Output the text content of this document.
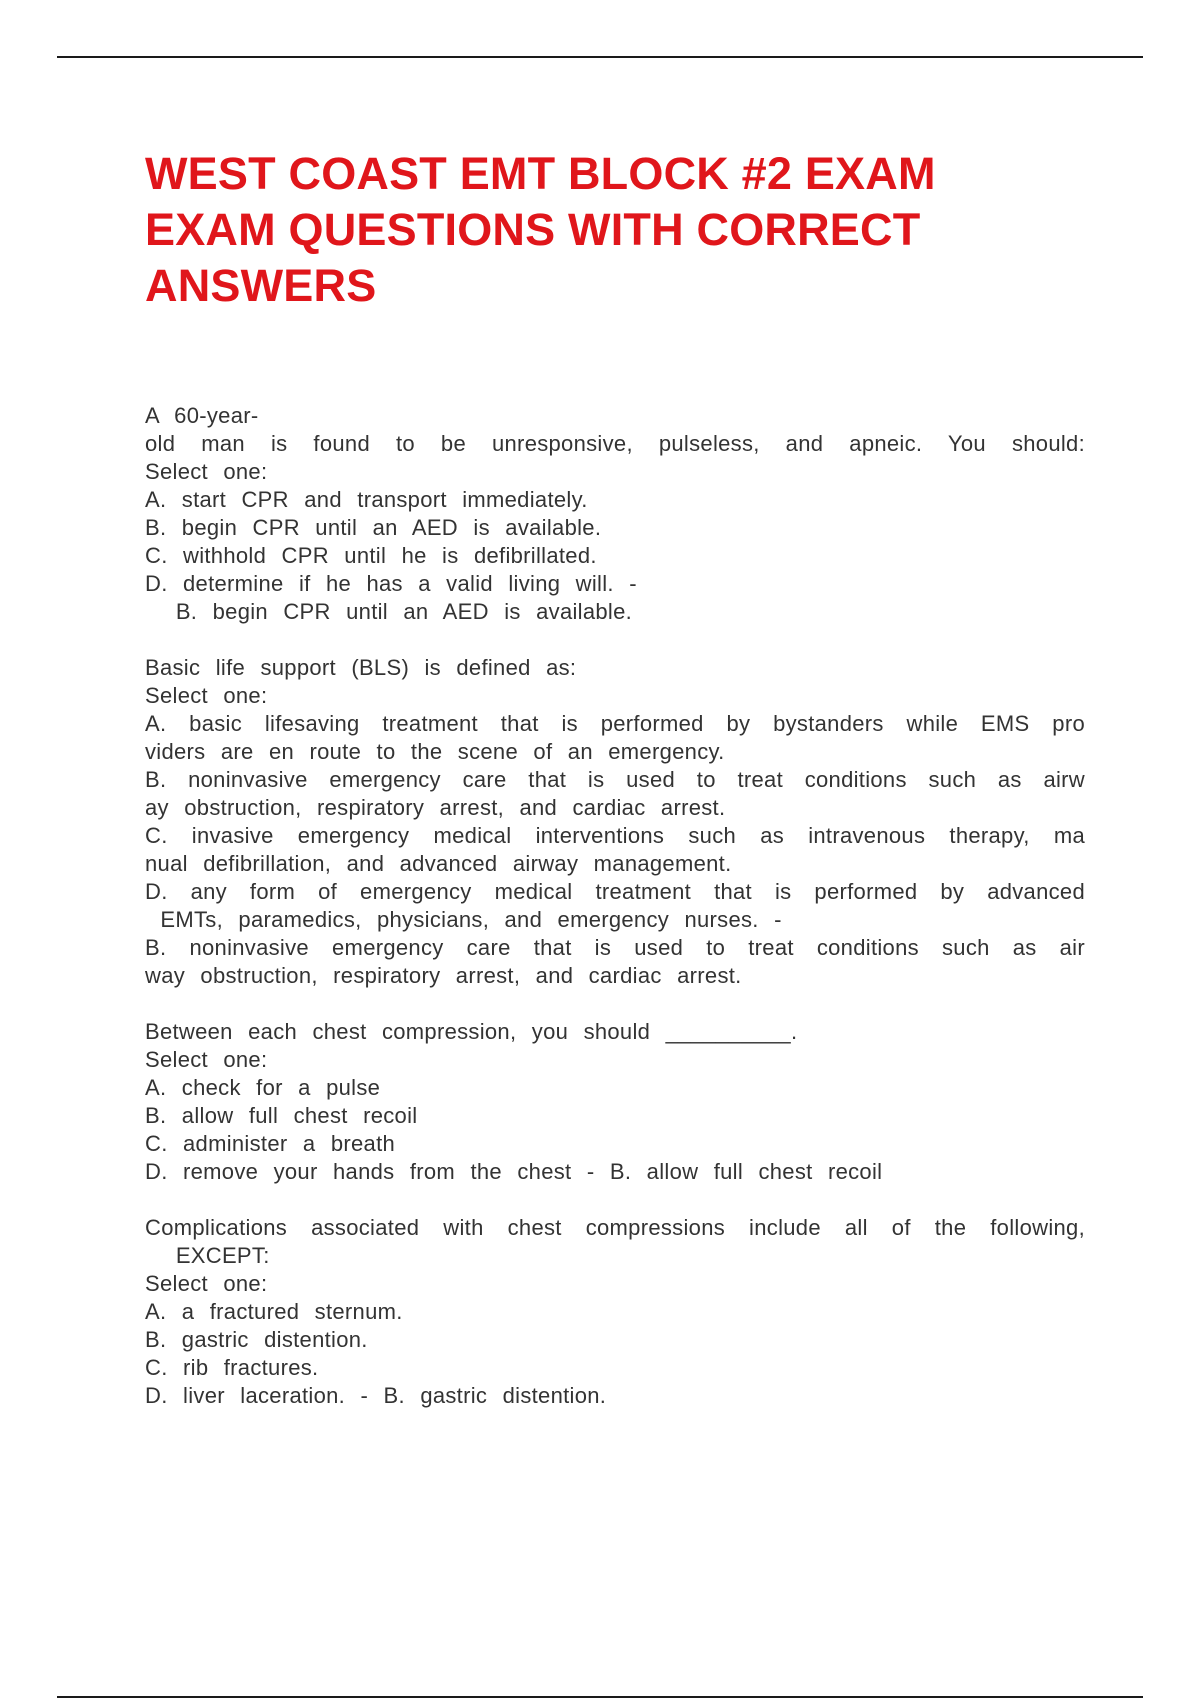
WEST COAST EMT BLOCK #2 EXAM
EXAM QUESTIONS WITH CORRECT
ANSWERS
A 60-year-
old man is found to be unresponsive, pulseless, and apneic. You should:
Select one:
A. start CPR and transport immediately.
B. begin CPR until an AED is available.
C. withhold CPR until he is defibrillated.
D. determine if he has a valid living will. -
B. begin CPR until an AED is available.
Basic life support (BLS) is defined as:
Select one:
A. basic lifesaving treatment that is performed by bystanders while EMS pro
viders are en route to the scene of an emergency.
B. noninvasive emergency care that is used to treat conditions such as airw
ay obstruction, respiratory arrest, and cardiac arrest.
C. invasive emergency medical interventions such as intravenous therapy, ma
nual defibrillation, and advanced airway management.
D. any form of emergency medical treatment that is performed by advanced
EMTs, paramedics, physicians, and emergency nurses. -
B. noninvasive emergency care that is used to treat conditions such as air
way obstruction, respiratory arrest, and cardiac arrest.
Between each chest compression, you should __________.
Select one:
A. check for a pulse
B. allow full chest recoil
C. administer a breath
D. remove your hands from the chest - B. allow full chest recoil
Complications associated with chest compressions include all of the following,
EXCEPT:
Select one:
A. a fractured sternum.
B. gastric distention.
C. rib fractures.
D. liver laceration. - B. gastric distention.
